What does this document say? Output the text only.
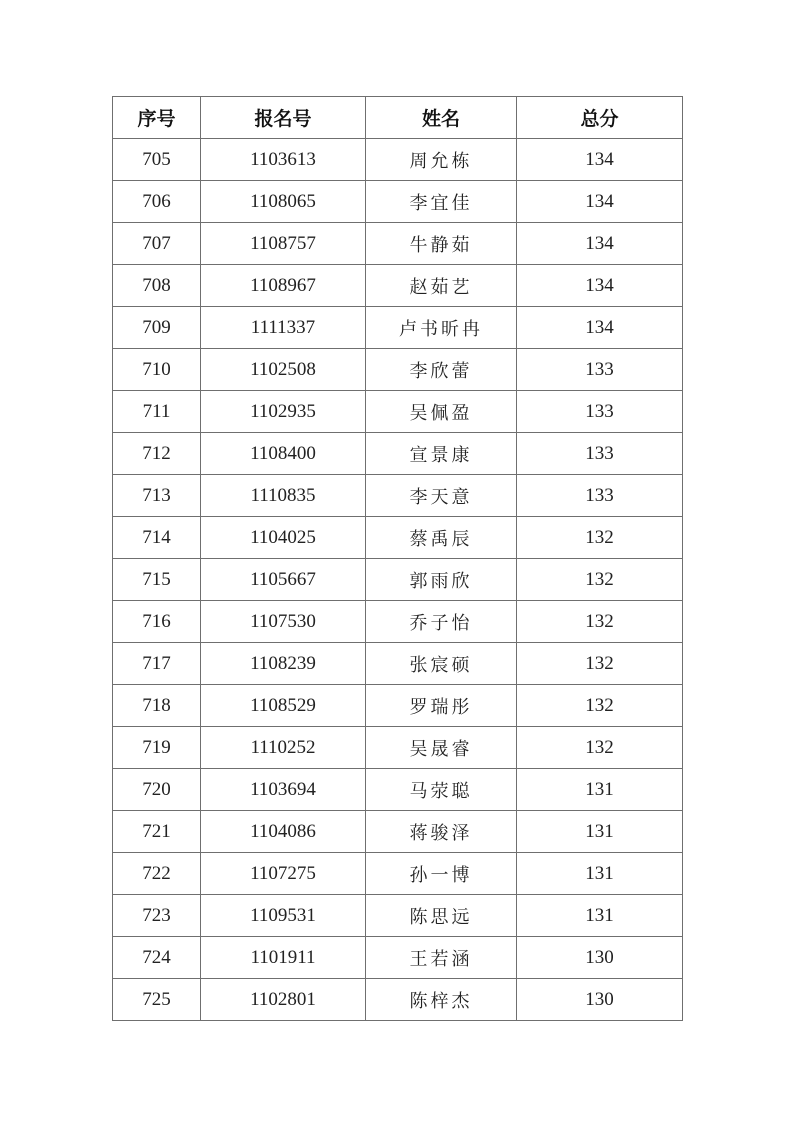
序号	报名号	姓名	总分
705	1103613	周允栋	134
706	1108065	李宜佳	134
707	1108757	牛静茹	134
708	1108967	赵茹艺	134
709	1111337	卢书昕冉	134
710	1102508	李欣蕾	133
711	1102935	吴佩盈	133
712	1108400	宣景康	133
713	1110835	李天意	133
714	1104025	蔡禹辰	132
715	1105667	郭雨欣	132
716	1107530	乔子怡	132
717	1108239	张宸硕	132
718	1108529	罗瑞彤	132
719	1110252	吴晟睿	132
720	1103694	马荥聪	131
721	1104086	蒋骏泽	131
722	1107275	孙一博	131
723	1109531	陈思远	131
724	1101911	王若涵	130
725	1102801	陈梓杰	130
